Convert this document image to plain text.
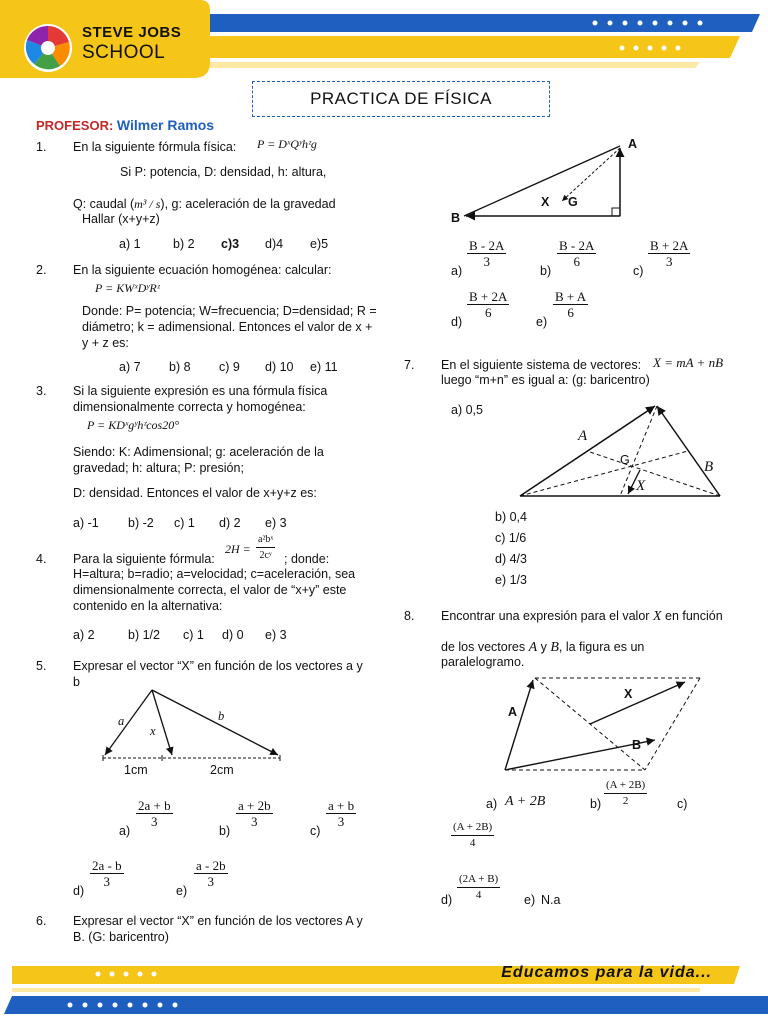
STEVE JOBS
SCHOOL
PRACTICA DE FÍSICA
PROFESOR: Wilmer Ramos
1. En la siguiente fórmula física: P = DˣQʸhᶻg
Si P: potencia, D: densidad, h: altura,
Q: caudal (m³ / s), g: aceleración de la gravedad
Hallar (x+y+z)
a) 1	b) 2 c)3 d)4 e)5
2. En la siguiente ecuación homogénea: calcular:
P = KWˣDʸRᶻ
Donde: P= potencia; W=frecuencia; D=densidad; R = diámetro; k = adimensional. Entonces el valor de x + y + z es:
a) 7 b) 8 c) 9 d) 10 e) 11
3. Si la siguiente expresión es una fórmula física dimensionalmente correcta y homogénea:
P = KDˣgʸhᶻcos20°
Siendo: K: Adimensional; g: aceleración de la gravedad; h: altura; P: presión;
D: densidad. Entonces el valor de x+y+z es:
a) -1 b) -2 c) 1 d) 2 e) 3
4. Para la siguiente fórmula:
$2H = \frac{\text{a²bˣ}}{\text{2cʸ}}$ ; donde:
H=altura; b=radio; a=velocidad; c=aceleración, sea dimensionalmente correcta, el valor de “x+y” este contenido en la alternativa:
a) 2	b) 1/2 c) 1 d) 0 e) 3
5. Expresar el vector “X” en función de los vectores a y b
a
x
b
1cm	2cm
a)
$\frac{2a + b}{3}$
b)
$\frac{a + 2b}{3}$
c)
$\frac{a + b}{3}$
d)
$\frac{2a - b}{3}$
e)
$\frac{a - 2b}{3}$
6. Expresar el vector “X” en función de los vectores A y B. (G: baricentro)
A
B
X G
a)
$\frac{B - 2A}{3}$
b)
$\frac{B - 2A}{6}$
c)
$\frac{B + 2A}{3}$
d)
$\frac{B + 2A}{6}$
e)
$\frac{B + A}{6}$
7. En el siguiente sistema de vectores: X = mA + nB
luego “m+n” es igual a: (g: baricentro)
a) 0,5
A
B
G
X
b) 0,4
c) 1/6
d) 4/3
e) 1/3
8. Encontrar una expresión para el valor X en función
de los vectores A y B, la figura es un
paralelogramo.
A
X
B
a) A + 2B	$b) \frac{(A + 2B)}{2} c$)
$\frac{(A + 2B)}{4}$
$d) \frac{(2A + B)}{4}$	N.a
e)
Educamos para la vida...
